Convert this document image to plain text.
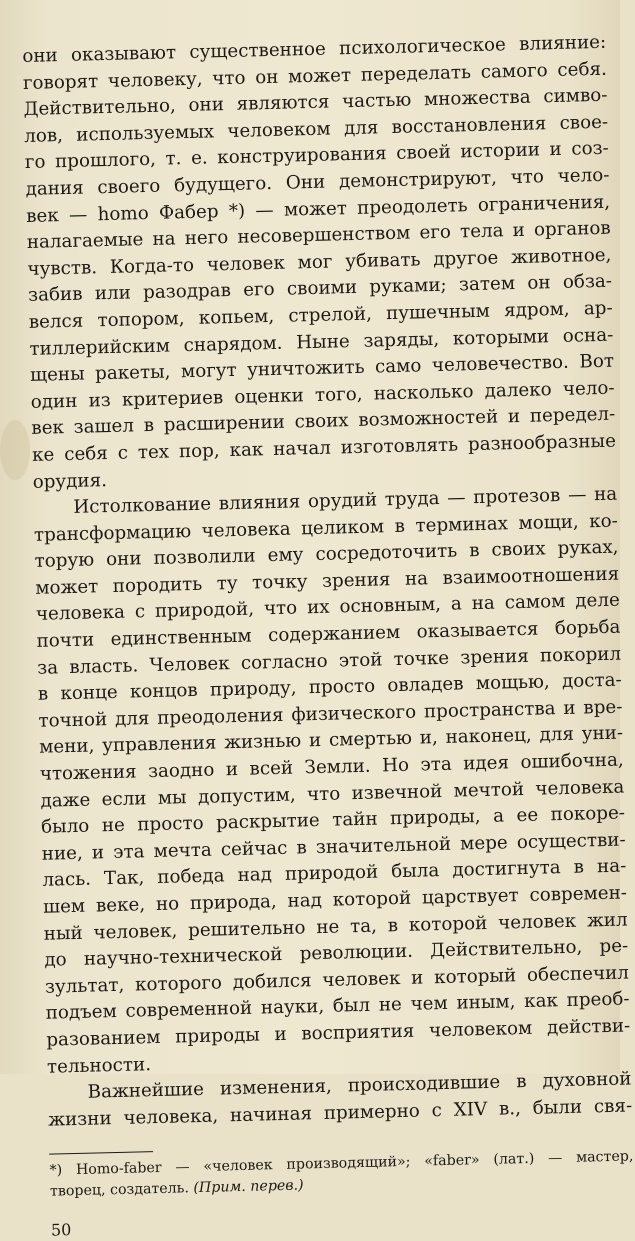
они оказывают существенное психологическое влияние:
говорят человеку, что он может переделать самого себя.
Действительно, они являются частью множества симво-
лов, используемых человеком для восстановления свое-
го прошлого, т. е. конструирования своей истории и соз-
дания своего будущего. Они демонстрируют, что чело-
век — homo Фабер *) — может преодолеть ограничения,
налагаемые на него несовершенством его тела и органов
чувств. Когда-то человек мог убивать другое животное,
забив или разодрав его своими руками; затем он обза-
велся топором, копьем, стрелой, пушечным ядром, ар-
тиллерийским снарядом. Ныне заряды, которыми осна-
щены ракеты, могут уничтожить само человечество. Вот
один из критериев оценки того, насколько далеко чело-
век зашел в расширении своих возможностей и передел-
ке себя с тех пор, как начал изготовлять разнообразные
орудия.

Истолкование влияния орудий труда — протезов — на
трансформацию человека целиком в терминах мощи, ко-
торую они позволили ему сосредоточить в своих руках,
может породить ту точку зрения на взаимоотношения
человека с природой, что их основным, а на самом деле
почти единственным содержанием оказывается борьба
за власть. Человек согласно этой точке зрения покорил
в конце концов природу, просто овладев мощью, доста-
точной для преодоления физического пространства и вре-
мени, управления жизнью и смертью и, наконец, для уни-
чтожения заодно и всей Земли. Но эта идея ошибочна,
даже если мы допустим, что извечной мечтой человека
было не просто раскрытие тайн природы, а ее покоре-
ние, и эта мечта сейчас в значительной мере осуществи-
лась. Так, победа над природой была достигнута в на-
шем веке, но природа, над которой царствует современ-
ный человек, решительно не та, в которой человек жил
до научно-технической революции. Действительно, ре-
зультат, которого добился человек и который обеспечил
подъем современной науки, был не чем иным, как преоб-
разованием природы и восприятия человеком действи-
тельности.

Важнейшие изменения, происходившие в духовной
жизни человека, начиная примерно с XIV в., были свя-

*) Homo-faber — «человек производящий»; «faber» (лат.) — мастер,
творец, создатель. (Прим. перев.)
50
